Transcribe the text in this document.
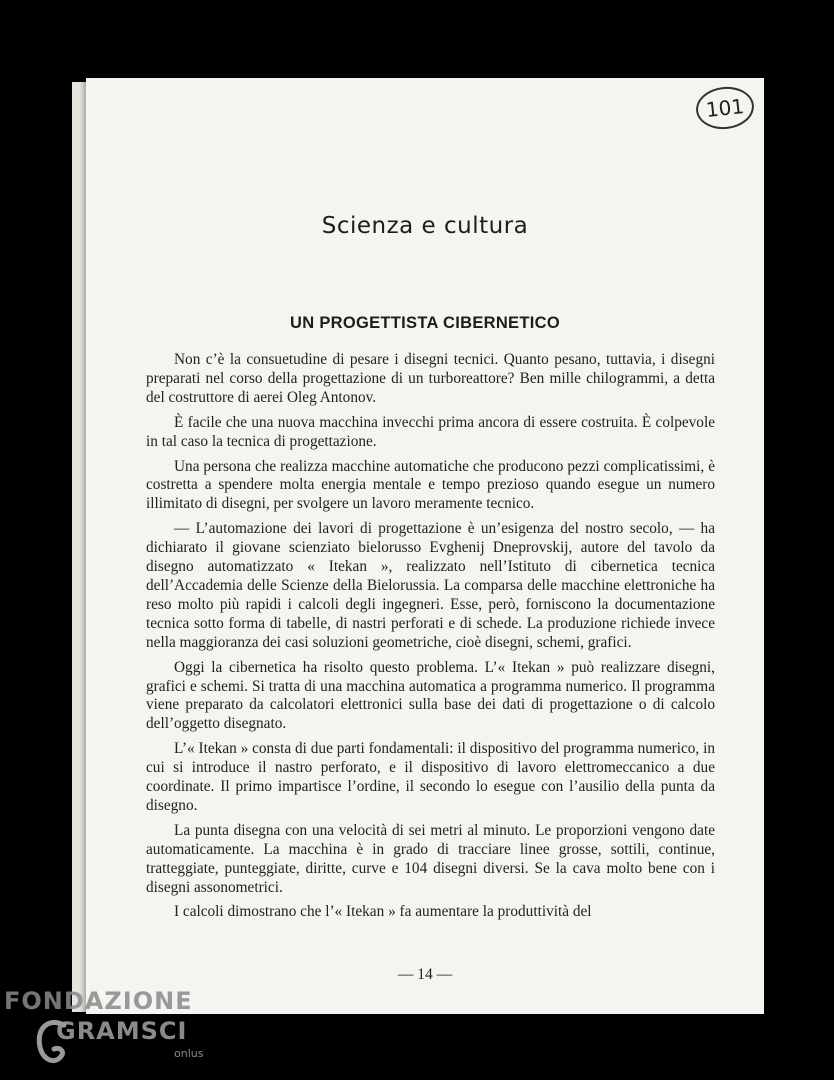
101
Scienza e cultura
UN PROGETTISTA CIBERNETICO

Non c’è la consuetudine di pesare i disegni tecnici. Quanto pesano, tuttavia, i disegni preparati nel corso della progettazione di un turboreattore? Ben mille chilogrammi, a detta del costruttore di aerei Oleg Antonov.

È facile che una nuova macchina invecchi prima ancora di essere costruita. È colpevole in tal caso la tecnica di progettazione.

Una persona che realizza macchine automatiche che producono pezzi complicatissimi, è costretta a spendere molta energia mentale e tempo prezioso quando esegue un numero illimitato di disegni, per svolgere un lavoro meramente tecnico.

— L’automazione dei lavori di progettazione è un’esigenza del nostro secolo, — ha dichiarato il giovane scienziato bielorusso Evghenij Dneprovskij, autore del tavolo da disegno automatizzato « Itekan », realizzato nell’Istituto di cibernetica tecnica dell’Accademia delle Scienze della Bielorussia. La comparsa delle macchine elettroniche ha reso molto più rapidi i calcoli degli ingegneri. Esse, però, forniscono la documentazione tecnica sotto forma di tabelle, di nastri perforati e di schede. La produzione richiede invece nella maggioranza dei casi soluzioni geometriche, cioè disegni, schemi, grafici.

Oggi la cibernetica ha risolto questo problema. L’« Itekan » può realizzare disegni, grafici e schemi. Si tratta di una macchina automatica a programma numerico. Il programma viene preparato da calcolatori elettronici sulla base dei dati di progettazione o di calcolo dell’oggetto disegnato.

L’« Itekan » consta di due parti fondamentali: il dispositivo del programma numerico, in cui si introduce il nastro perforato, e il dispositivo di lavoro elettromeccanico a due coordinate. Il primo impartisce l’ordine, il secondo lo esegue con l’ausilio della punta da disegno.

La punta disegna con una velocità di sei metri al minuto. Le proporzioni vengono date automaticamente. La macchina è in grado di tracciare linee grosse, sottili, continue, tratteggiate, punteggiate, diritte, curve e 104 disegni diversi. Se la cava molto bene con i disegni assonometrici.

I calcoli dimostrano che l’« Itekan » fa aumentare la produttività del

— 14 —
FONDAZIONE
GRAMSCI
onlus
